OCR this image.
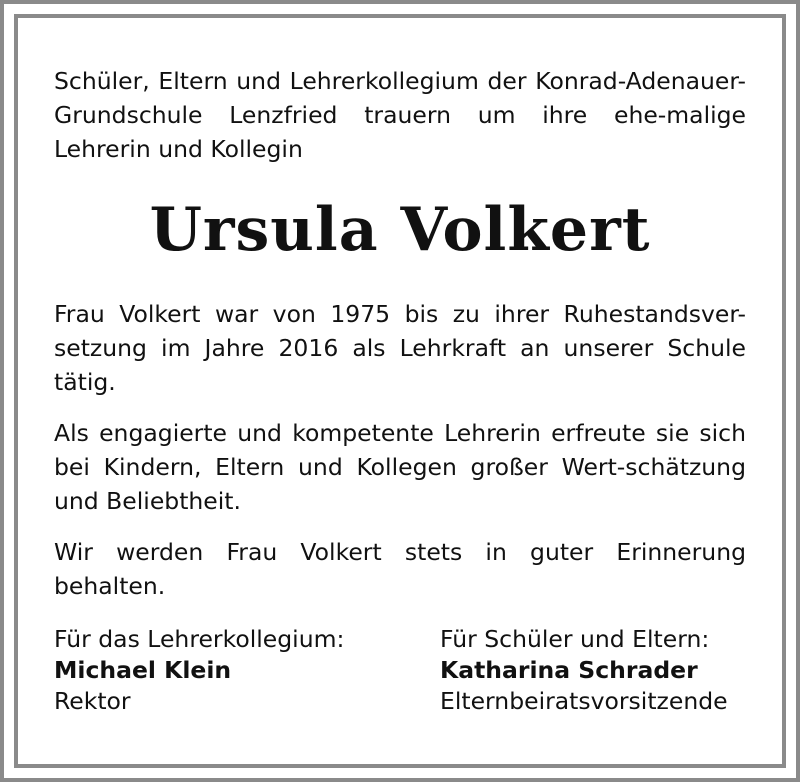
Schüler, Eltern und Lehrerkollegium der Konrad-Adenauer-Grundschule Lenzfried trauern um ihre ehe-malige Lehrerin und Kollegin
Ursula Volkert

Frau Volkert war von 1975 bis zu ihrer Ruhestandsver-setzung im Jahre 2016 als Lehrkraft an unserer Schule tätig.

Als engagierte und kompetente Lehrerin erfreute sie sich bei Kindern, Eltern und Kollegen großer Wert-schätzung und Beliebtheit.

Wir werden Frau Volkert stets in guter Erinnerung behalten.

Für das Lehrerkollegium:
Michael Klein
Rektor
Für Schüler und Eltern:
Katharina Schrader
Elternbeiratsvorsitzende
